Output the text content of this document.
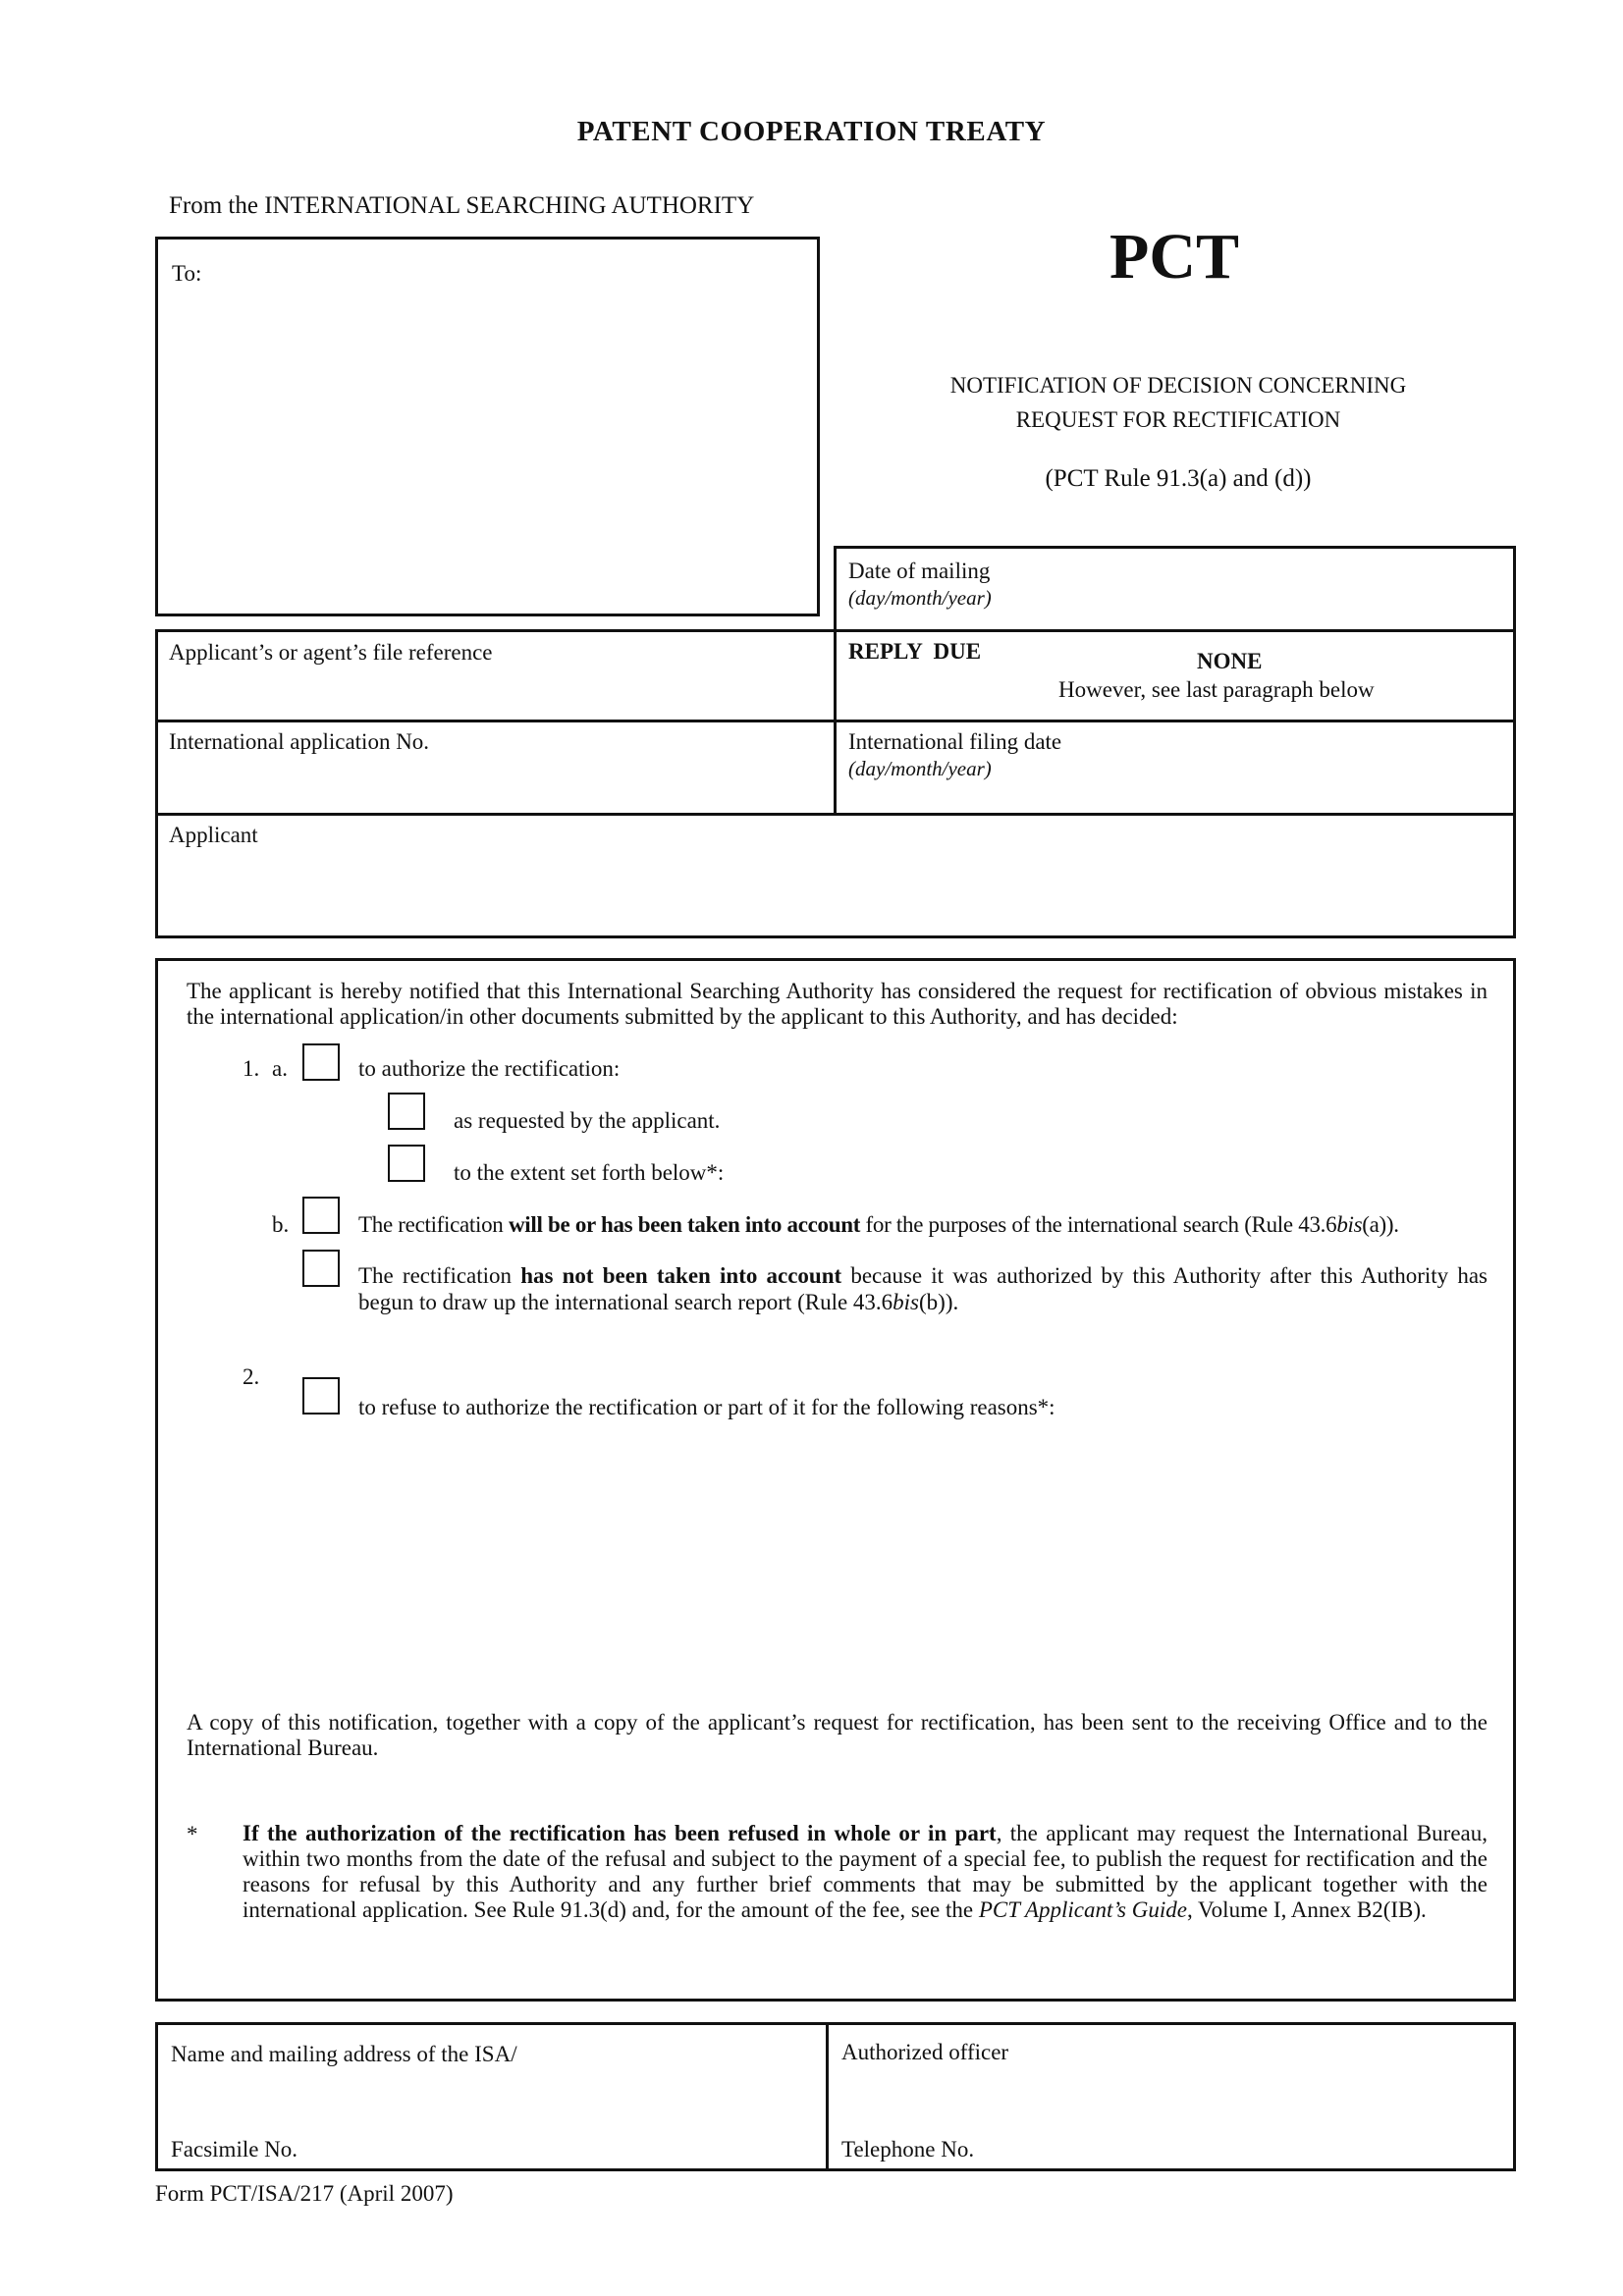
PATENT COOPERATION TREATY
From the INTERNATIONAL SEARCHING AUTHORITY
To:	PCT
NOTIFICATION OF DECISION CONCERNING
REQUEST FOR RECTIFICATION
(PCT Rule 91.3(a) and (d))
Date of mailing
(day/month/year)
Applicant’s or agent’s file reference	REPLY  DUE	NONE
However, see last paragraph below
International application No.	International filing date
(day/month/year)
Applicant
The applicant is hereby notified that this International Searching Authority has considered the request for rectification of obvious mistakes in the international application/in other documents submitted by the applicant to this Authority, and has decided:
1. a.	to authorize the rectification:
as requested by the applicant.
to the extent set forth below*:
b.	The rectification will be or has been taken into account for the purposes of the international search (Rule 43.6bis(a)).
The rectification has not been taken into account because it was authorized by this Authority after this Authority has begun to draw up the international search report (Rule 43.6bis(b)).
2.
to refuse to authorize the rectification or part of it for the following reasons*:
A copy of this notification, together with a copy of the applicant’s request for rectification, has been sent to the receiving Office and to the International Bureau.
* If the authorization of the rectification has been refused in whole or in part, the applicant may request the International Bureau, within two months from the date of the refusal and subject to the payment of a special fee, to publish the request for rectification and the reasons for refusal by this Authority and any further brief comments that may be submitted by the applicant together with the international application. See Rule 91.3(d) and, for the amount of the fee, see the PCT Applicant’s Guide, Volume I, Annex B2(IB).
Name and mailing address of the ISA/
Facsimile No.
Authorized officer
Telephone No.
Form PCT/ISA/217 (April 2007)
